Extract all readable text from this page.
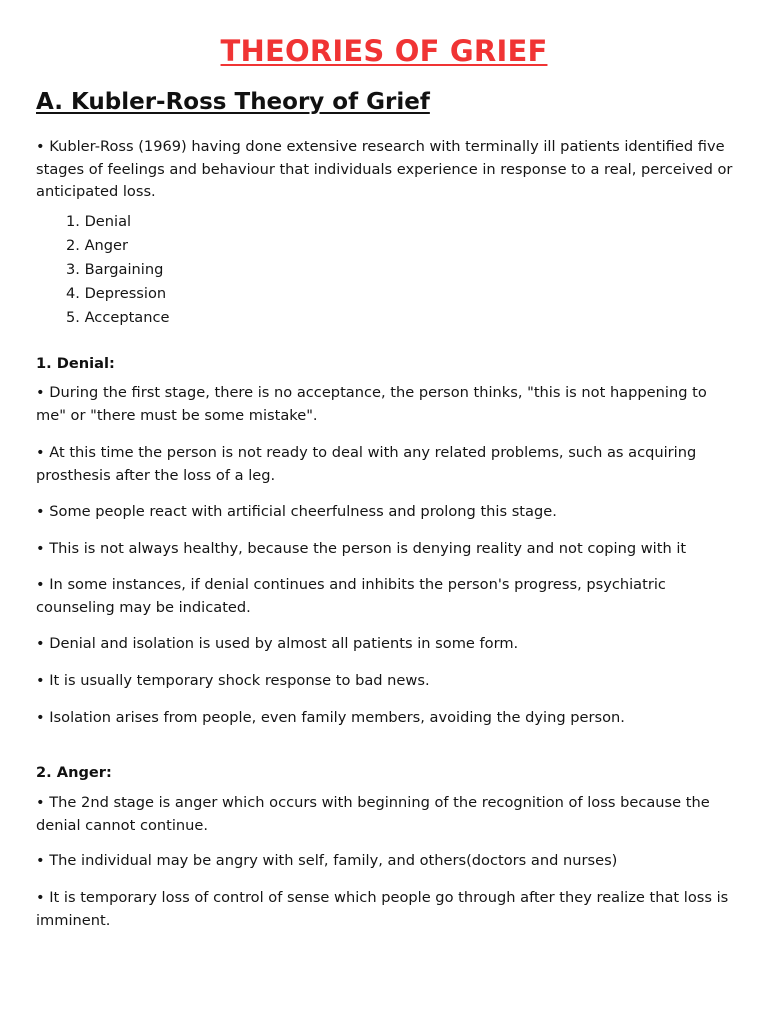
THEORIES OF GRIEF
A. Kubler-Ross Theory of Grief

• Kubler-Ross (1969) having done extensive research with terminally ill patients identified five stages of feelings and behaviour that individuals experience in response to a real, perceived or anticipated loss.

1. Denial
2. Anger
3. Bargaining
4. Depression
5. Acceptance
1. Denial:

• During the first stage, there is no acceptance, the person thinks, "this is not happening to me" or "there must be some mistake".

• At this time the person is not ready to deal with any related problems, such as acquiring prosthesis after the loss of a leg.

• Some people react with artificial cheerfulness and prolong this stage.

• This is not always healthy, because the person is denying reality and not coping with it

• In some instances, if denial continues and inhibits the person's progress, psychiatric counseling may be indicated.

• Denial and isolation is used by almost all patients in some form.

• It is usually temporary shock response to bad news.

• Isolation arises from people, even family members, avoiding the dying person.

2. Anger:

• The 2nd stage is anger which occurs with beginning of the recognition of loss because the denial cannot continue.

• The individual may be angry with self, family, and others(doctors and nurses)

• It is temporary loss of control of sense which people go through after they realize that loss is imminent.
